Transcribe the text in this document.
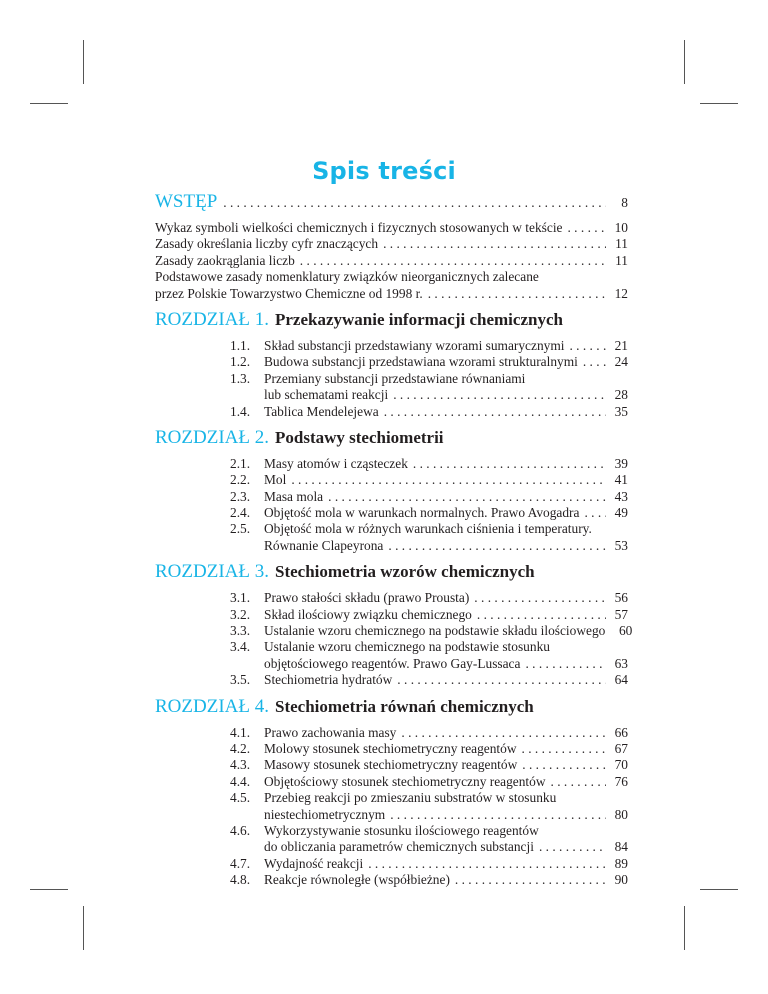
Spis treści
WSTĘP . . .	8
Wykaz symboli wielkości chemicznych i fizycznych stosowanych w tekście . . .	10
Zasady określania liczby cyfr znaczących . . .	11
Zasady zaokrąglania liczb . . .	11
Podstawowe zasady nomenklatury związków nieorganicznych zalecane
przez Polskie Towarzystwo Chemiczne od 1998 r. . . .	12
ROZDZIAŁ 1. Przekazywanie informacji chemicznych
1.1.	Skład substancji przedstawiany wzorami sumarycznymi . . .	21
1.2.	Budowa substancji przedstawiana wzorami strukturalnymi . . .	24
1.3.	Przemiany substancji przedstawiane równaniami
lub schematami reakcji . . .	28
1.4.	Tablica Mendelejewa . . .	35
ROZDZIAŁ 2. Podstawy stechiometrii
2.1.	Masy atomów i cząsteczek . . .	39
2.2.	Mol . . .	41
2.3.	Masa mola . . .	43
2.4.	Objętość mola w warunkach normalnych. Prawo Avogadra . . .	49
2.5.	Objętość mola w różnych warunkach ciśnienia i temperatury.
Równanie Clapeyrona . . .	53
ROZDZIAŁ 3. Stechiometria wzorów chemicznych
3.1.	Prawo stałości składu (prawo Prousta) . . .	56
3.2.	Skład ilościowy związku chemicznego . . .	57
3.3.	Ustalanie wzoru chemicznego na podstawie składu ilościowego . . .	60
3.4.	Ustalanie wzoru chemicznego na podstawie stosunku
objętościowego reagentów. Prawo Gay-Lussaca . . .	63
3.5.	Stechiometria hydratów . . .	64
ROZDZIAŁ 4. Stechiometria równań chemicznych
4.1.	Prawo zachowania masy . . .	66
4.2.	Molowy stosunek stechiometryczny reagentów . . .	67
4.3.	Masowy stosunek stechiometryczny reagentów . . .	70
4.4.	Objętościowy stosunek stechiometryczny reagentów . . .	76
4.5.	Przebieg reakcji po zmieszaniu substratów w stosunku
niestechiometrycznym . . .	80
4.6.	Wykorzystywanie stosunku ilościowego reagentów
do obliczania parametrów chemicznych substancji . . .	84
4.7.	Wydajność reakcji . . .	89
4.8.	Reakcje równoległe (współbieżne) . . .	90
